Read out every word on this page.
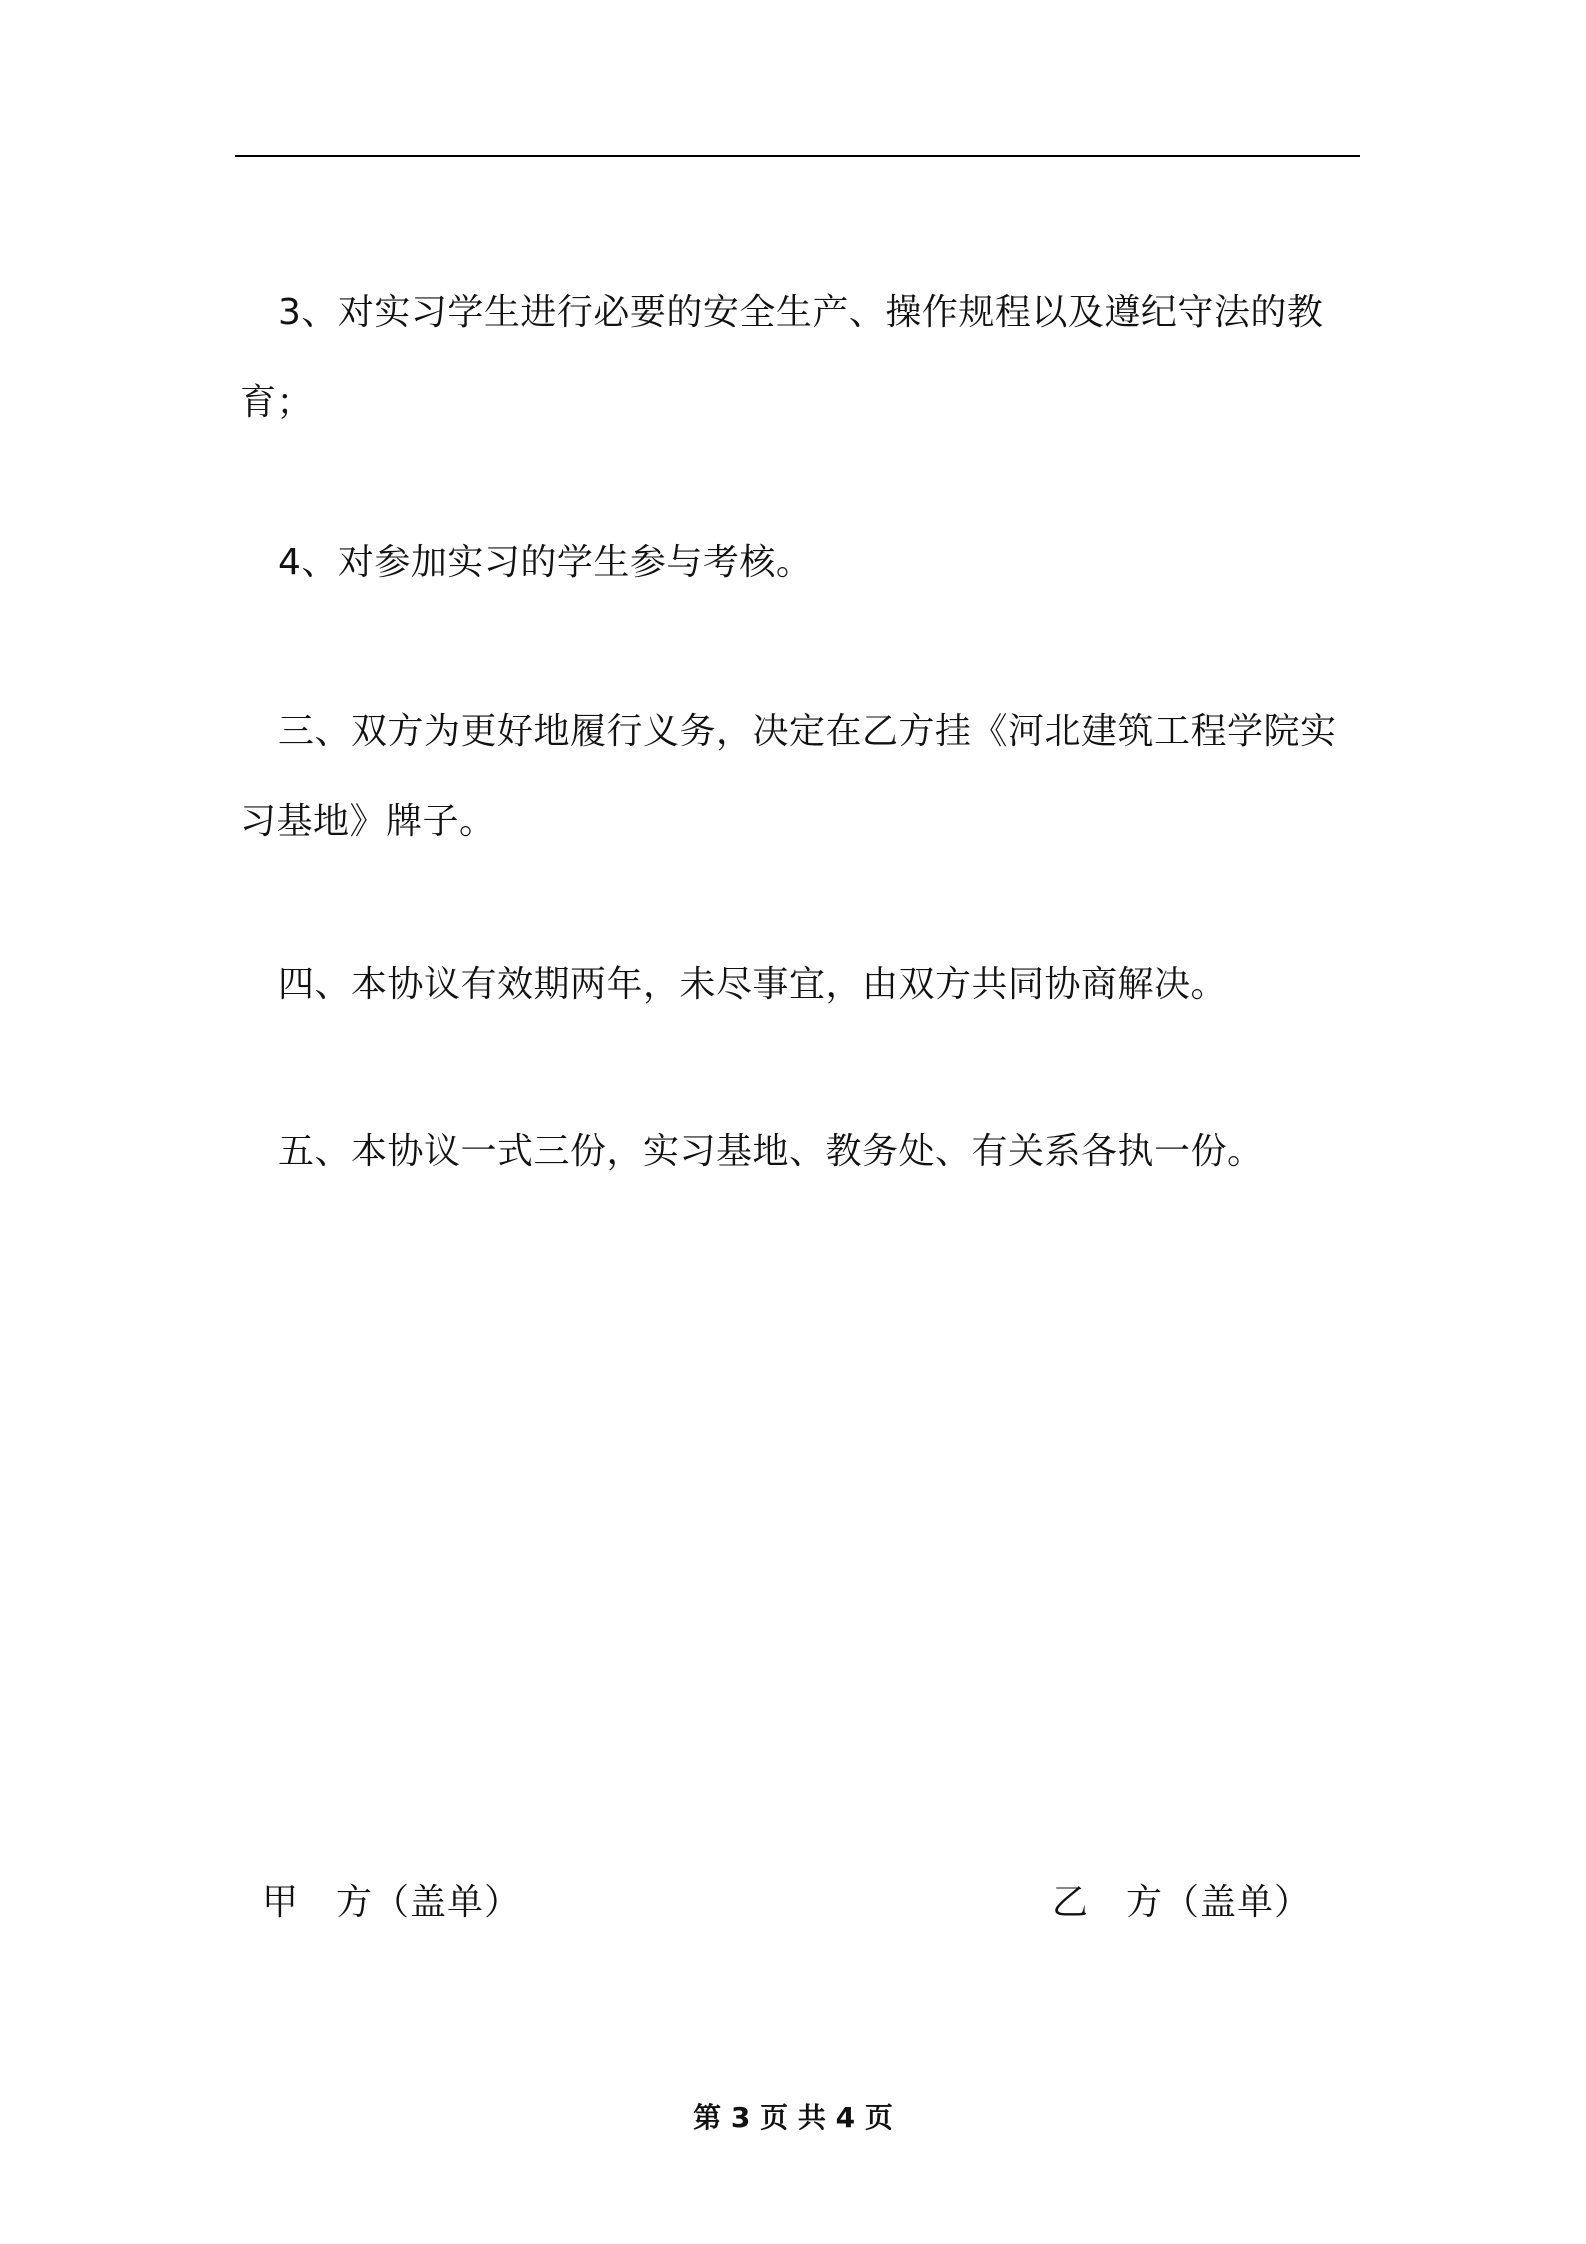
3、对实习学生进行必要的安全生产、操作规程以及遵纪守法的教育；

4、对参加实习的学生参与考核。

三、双方为更好地履行义务，决定在乙方挂《河北建筑工程学院实习基地》牌子。

四、本协议有效期两年，未尽事宜，由双方共同协商解决。

五、本协议一式三份，实习基地、教务处、有关系各执一份。

甲　方（盖单）	乙　方（盖单）
第 3 页 共 4 页
